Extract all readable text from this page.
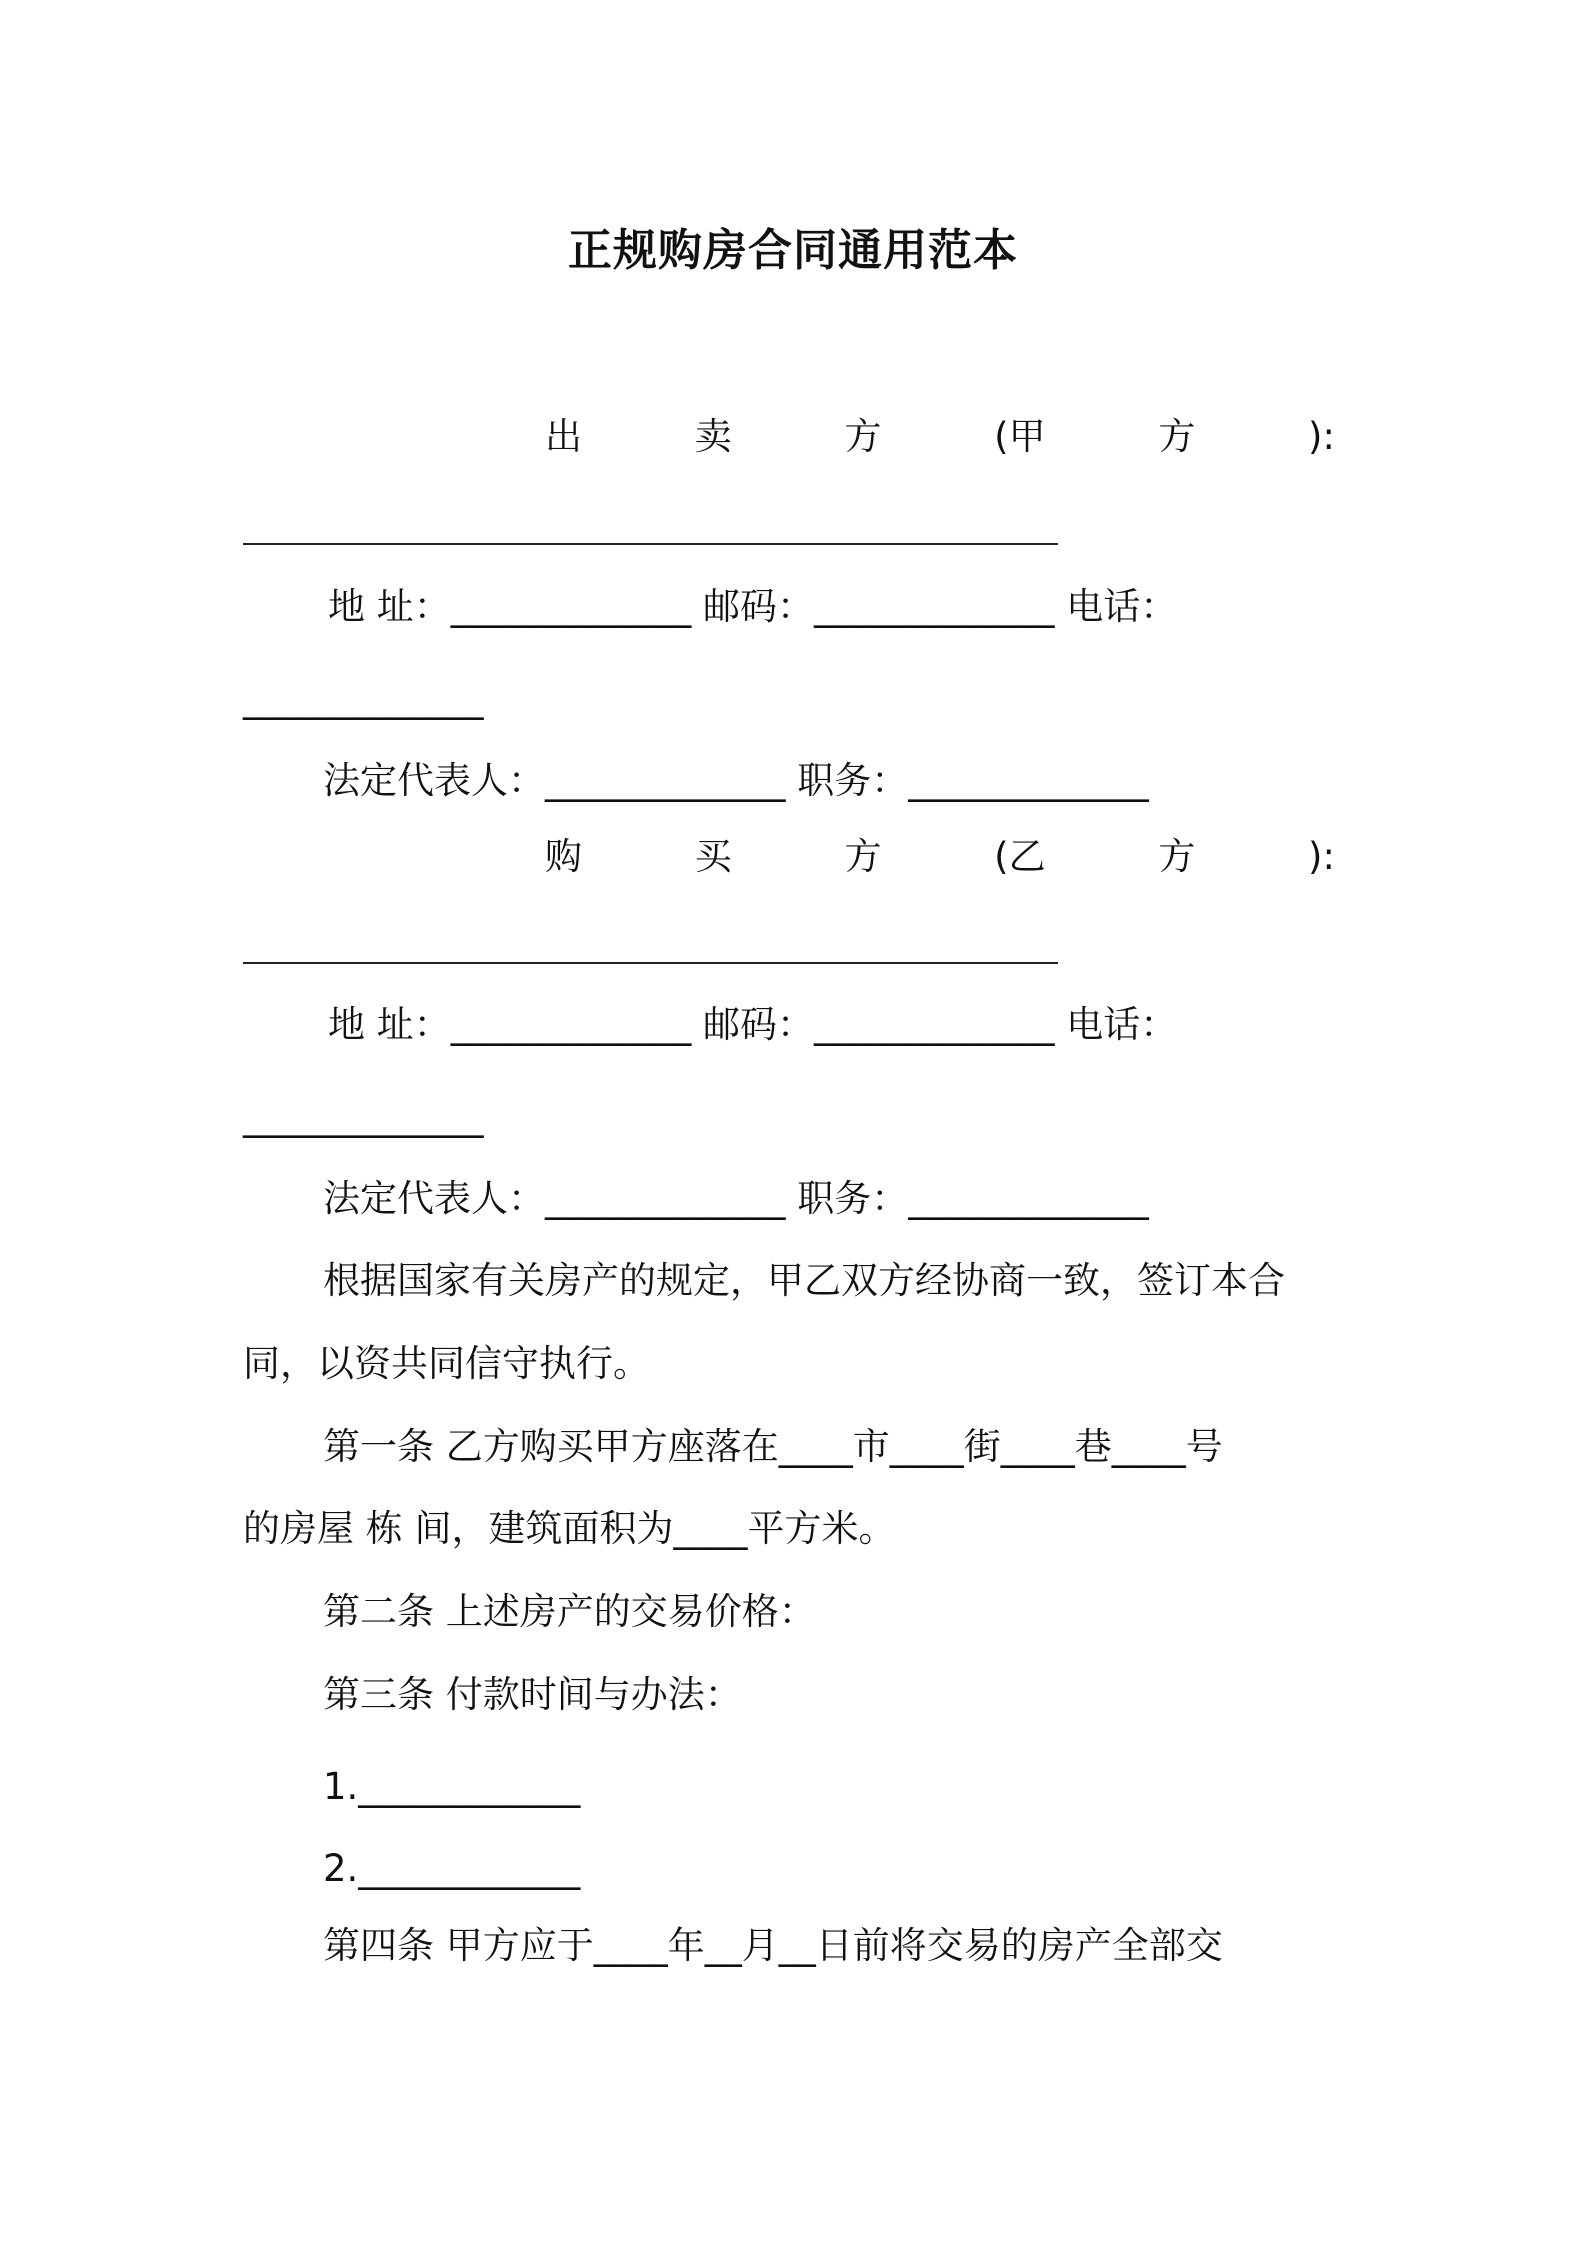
正规购房合同通用范本
出	卖	方	(甲	方	):
地 址：_____________ 邮码：_____________ 电话：
_____________
法定代表人：_____________ 职务：_____________
购	买	方	(乙	方	):
地 址：_____________ 邮码：_____________ 电话：
_____________
法定代表人：_____________ 职务：_____________
根据国家有关房产的规定，甲乙双方经协商一致，签订本合
同，以资共同信守执行。
第一条 乙方购买甲方座落在____市____街____巷____号
的房屋 栋 间，建筑面积为____平方米。
第二条 上述房产的交易价格：
第三条 付款时间与办法：
1.____________
2.____________
第四条 甲方应于____年__月__日前将交易的房产全部交
